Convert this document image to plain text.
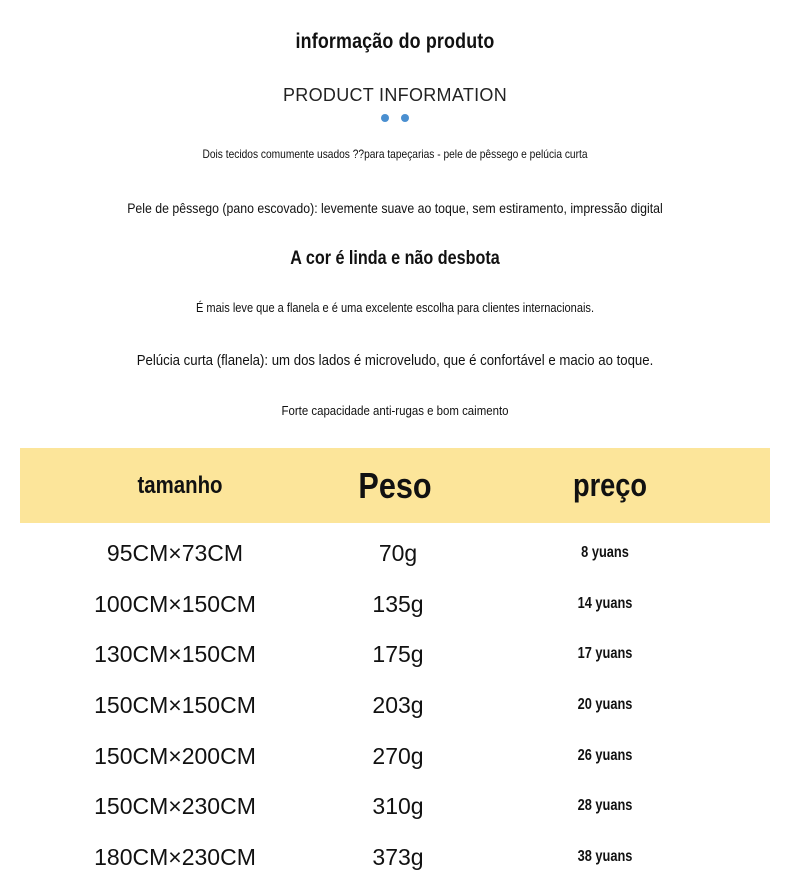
informação do produto
PRODUCT INFORMATION
Dois tecidos comumente usados ??para tapeçarias - pele de pêssego e pelúcia curta
Pele de pêssego (pano escovado): levemente suave ao toque, sem estiramento, impressão digital
A cor é linda e não desbota
É mais leve que a flanela e é uma excelente escolha para clientes internacionais.
Pelúcia curta (flanela): um dos lados é microveludo, que é confortável e macio ao toque.
Forte capacidade anti-rugas e bom caimento
tamanho	Peso	preço
95CM×73CM	70g	8 yuans
100CM×150CM	135g	14 yuans
130CM×150CM	175g	17 yuans
150CM×150CM	203g	20 yuans
150CM×200CM	270g	26 yuans
150CM×230CM	310g	28 yuans
180CM×230CM	373g	38 yuans
